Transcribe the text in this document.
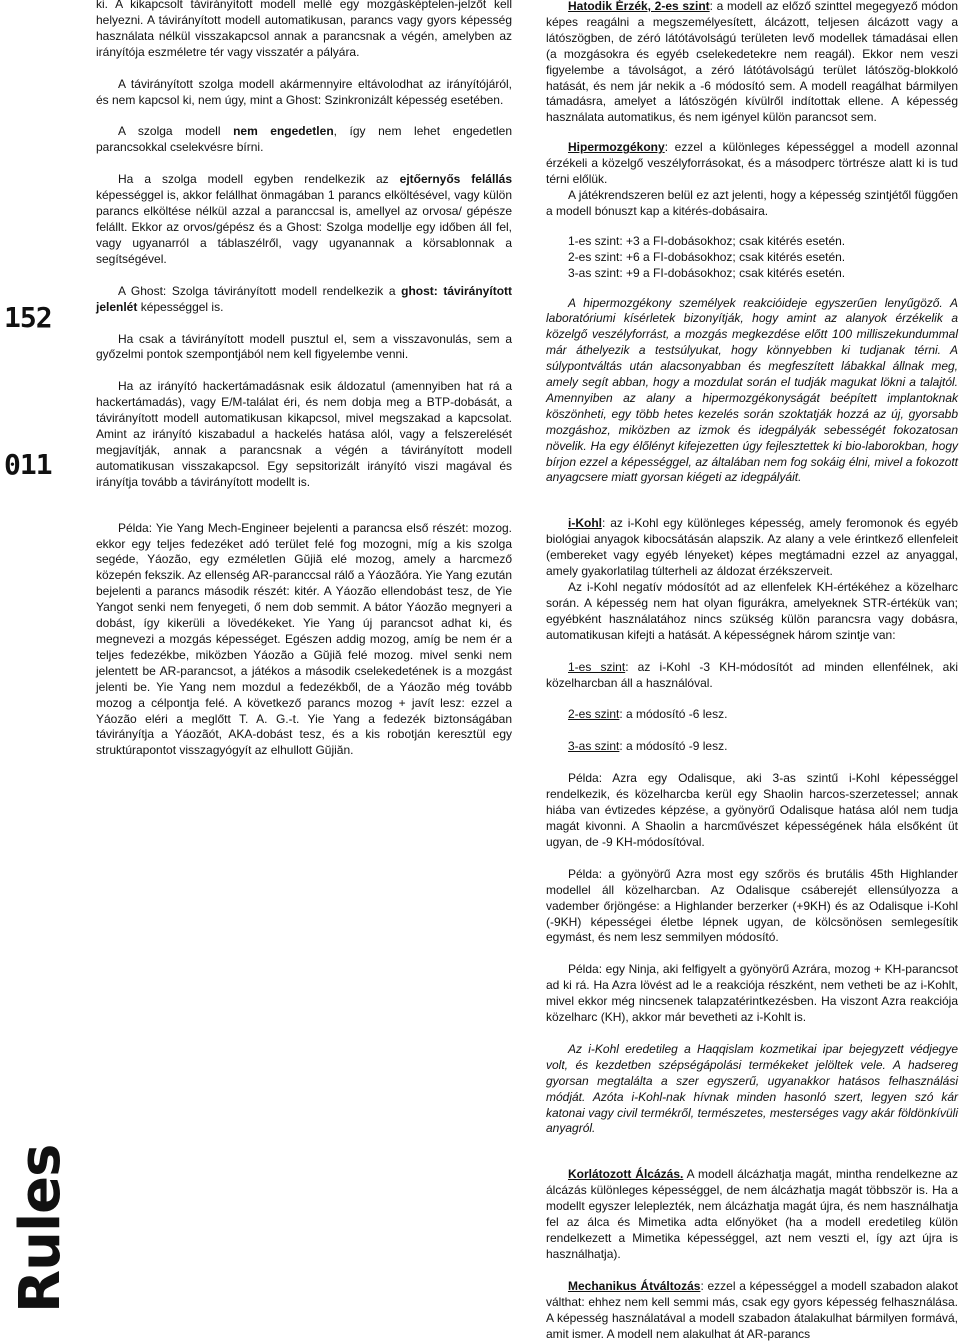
152
011
Rules

ki. A kikapcsolt távirányított modell mellé egy mozgásképtelen-jelzőt kell helyezni. A távirányított modell automatikusan, parancs vagy gyors képesség használata nélkül visszakapcsol annak a parancsnak a végén, amelyben az irányítója eszméletre tér vagy visszatér a pályára.

A távirányított szolga modell akármennyire eltávolodhat az irányítójáról, és nem kapcsol ki, nem úgy, mint a Ghost: Szinkronizált képesség esetében.

A szolga modell nem engedetlen, így nem lehet engedetlen parancsokkal cselekvésre bírni.

Ha a szolga modell egyben rendelkezik az ejtőernyős felállás képességgel is, akkor felállhat önmagában 1 parancs elköltésével, vagy külön parancs elköltése nélkül azzal a paranccsal is, amellyel az orvosa/ gépésze felállt. Ekkor az orvos/gépész és a Ghost: Szolga modellje egy időben áll fel, vagy ugyanarról a táblaszélről, vagy ugyanannak a körsablonnak a segítségével.

A Ghost: Szolga távirányított modell rendelkezik a ghost: távirányított jelenlét képességgel is.

Ha csak a távirányított modell pusztul el, sem a visszavonulás, sem a győzelmi pontok szempontjából nem kell figyelembe venni.

Ha az irányító hackertámadásnak esik áldozatul (amennyiben hat rá a hackertámadás), vagy E/M-találat éri, és nem dobja meg a BTP-dobását, a távirányított modell automatikusan kikapcsol, mivel megszakad a kapcsolat. Amint az irányító kiszabadul a hackelés hatása alól, vagy a felszerelését megjavítják, annak a parancsnak a végén a távirányított modell automatikusan visszakapcsol. Egy sepsitorizált irányító viszi magával és irányítja tovább a távirányított modellt is.

Példa: Yie Yang Mech-Engineer bejelenti a parancsa első részét: mozog. ekkor egy teljes fedezéket adó terület felé fog mozogni, míg a kis szolga segéde, Yáozão, egy ezméletlen Gŭjiă elé mozog, amely a harcmező közepén fekszik. Az ellenség AR-paranccsal rálő a Yáozãóra. Yie Yang ezután bejelenti a parancs második részét: kitér. A Yáozão ellendobást tesz, de Yie Yangot senki nem fenyegeti, ő nem dob semmit. A bátor Yáozão megnyeri a dobást, így kikerüli a lövedékeket. Yie Yang új parancsot adhat ki, és megnevezi a mozgás képességet. Egészen addig mozog, amíg be nem ér a teljes fedezékbe, miközben Yáozão a Gŭjiă felé mozog. mivel senki nem jelentett be AR-parancsot, a játékos a második cselekedetének is a mozgást jelenti be. Yie Yang nem mozdul a fedezékből, de a Yáozão még tovább mozog a célpontja felé. A következő parancs mozog + javít lesz: ezzel a Yáozão eléri a meglőtt T. A. G.-t. Yie Yang a fedezék biztonságában távirányítja a Yáozãót, AKA-dobást tesz, és a kis robotján keresztül egy struktúrapontot visszagyógyít az elhullott Gŭjiăn.

Hatodik Érzék, 2-es szint: a modell az előző szinttel megegyező módon képes reagálni a megszemélyesített, álcázott, teljesen álcázott vagy a látószögben, de zéró látótávolságú területen levő modellek támadásai ellen (a mozgásokra és egyéb cselekedetekre nem reagál). Ekkor nem veszi figyelembe a távolságot, a zéró látótávolságú terület látószög-blokkoló hatását, és nem jár nekik a -6 módosító sem. A modell reagálhat bármilyen támadásra, amelyet a látószögén kívülről indítottak ellene. A képesség használata automatikus, és nem igényel külön parancsot sem.

Hipermozgékony: ezzel a különleges képességgel a modell azonnal érzékeli a közelgő veszélyforrásokat, és a másodperc törtrésze alatt ki is tud térni előlük.

A játékrendszeren belül ez azt jelenti, hogy a képesség szintjétől függően a modell bónuszt kap a kitérés-dobásaira.

1-es szint: +3 a FI-dobásokhoz; csak kitérés esetén.

2-es szint: +6 a FI-dobásokhoz; csak kitérés esetén.

3-as szint: +9 a FI-dobásokhoz; csak kitérés esetén.

A hipermozgékony személyek reakcióideje egyszerűen lenyűgöző. A laboratóriumi kísérletek bizonyítják, hogy amint az alanyok érzékelik a közelgő veszélyforrást, a mozgás megkezdése előtt 100 milliszekundummal már áthelyezik a testsúlyukat, hogy könnyebben ki tudjanak térni. A súlypontváltás után alacsonyabban és megfeszített lábakkal állnak meg, amely segít abban, hogy a mozdulat során el tudják magukat lökni a talajtól. Amennyiben az alany a hipermozgékonyságát beépített implantoknak köszönheti, egy több hetes kezelés során szoktatják hozzá az új, gyorsabb mozgáshoz, miközben az izmok és idegpályák sebességét fokozatosan növelik. Ha egy élőlényt kifejezetten úgy fejlesztettek ki bio-laborokban, hogy bírjon ezzel a képességgel, az általában nem fog sokáig élni, mivel a fokozott anyagcsere miatt gyorsan kiégeti az idegpályáit.

i-Kohl: az i-Kohl egy különleges képesség, amely feromonok és egyéb biológiai anyagok kibocsátásán alapszik. Az alany a vele érintkező ellenfeleit (embereket vagy egyéb lényeket) képes megtámadni ezzel az anyaggal, amely gyakorlatilag túlterheli az áldozat érzékszerveit.

Az i-Kohl negatív módosítót ad az ellenfelek KH-értékéhez a közelharc során. A képesség nem hat olyan figurákra, amelyeknek STR-értékük van; egyébként használatához nincs szükség külön parancsra vagy dobásra, automatikusan kifejti a hatását. A képességnek három szintje van:

1-es szint: az i-Kohl -3 KH-módosítót ad minden ellenfélnek, aki közelharcban áll a használóval.

2-es szint: a módosító -6 lesz.

3-as szint: a módosító -9 lesz.

Példa: Azra egy Odalisque, aki 3-as szintű i-Kohl képességgel rendelkezik, és közelharcba kerül egy Shaolin harcos-szerzetessel; annak hiába van évtizedes képzése, a gyönyörű Odalisque hatása alól nem tudja magát kivonni. A Shaolin a harcművészet képességének hála elsőként üt ugyan, de -9 KH-módosítóval.

Példa: a gyönyörű Azra most egy szőrös és brutális 45th Highlander modellel áll közelharcban. Az Odalisque csáberejét ellensúlyozza a vadember őrjöngése: a Highlander berzerker (+9KH) és az Odalisque i-Kohl (-9KH) képességei életbe lépnek ugyan, de kölcsönösen semlegesítik egymást, és nem lesz semmilyen módosító.

Példa: egy Ninja, aki felfigyelt a gyönyörű Azrára, mozog + KH-parancsot ad ki rá. Ha Azra lövést ad le a reakciója részként, nem vetheti be az i-Kohlt, mivel ekkor még nincsenek talapzatérintkezésben. Ha viszont Azra reakciója közelharc (KH), akkor már bevetheti az i-Kohlt is.

Az i-Kohl eredetileg a Haqqislam kozmetikai ipar bejegyzett védjegye volt, és kezdetben szépségápolási termékeket jelöltek vele. A hadsereg gyorsan megtalálta a szer egyszerű, ugyanakkor hatásos felhasználási módját. Azóta i-Kohl-nak hívnak minden hasonló szert, legyen szó kár katonai vagy civil termékről, természetes, mesterséges vagy akár földönkívüli anyagról.

Korlátozott Álcázás. A modell álcázhatja magát, mintha rendelkezne az álcázás különleges képességgel, de nem álcázhatja magát többször is. Ha a modellt egyszer leleplezték, nem álcázhatja magát újra, és nem használhatja fel az álca és Mimetika adta előnyöket (ha a modell eredetileg külön rendelkezett a Mimetika képességgel, azt nem veszti el, így azt újra is használhatja).

Mechanikus Átváltozás: ezzel a képességgel a modell szabadon alakot válthat: ehhez nem kell semmi más, csak egy gyors képesség felhasználása. A képesség használatával a modell szabadon átalakulhat bármilyen formává, amit ismer. A modell nem alakulhat át AR-parancs
